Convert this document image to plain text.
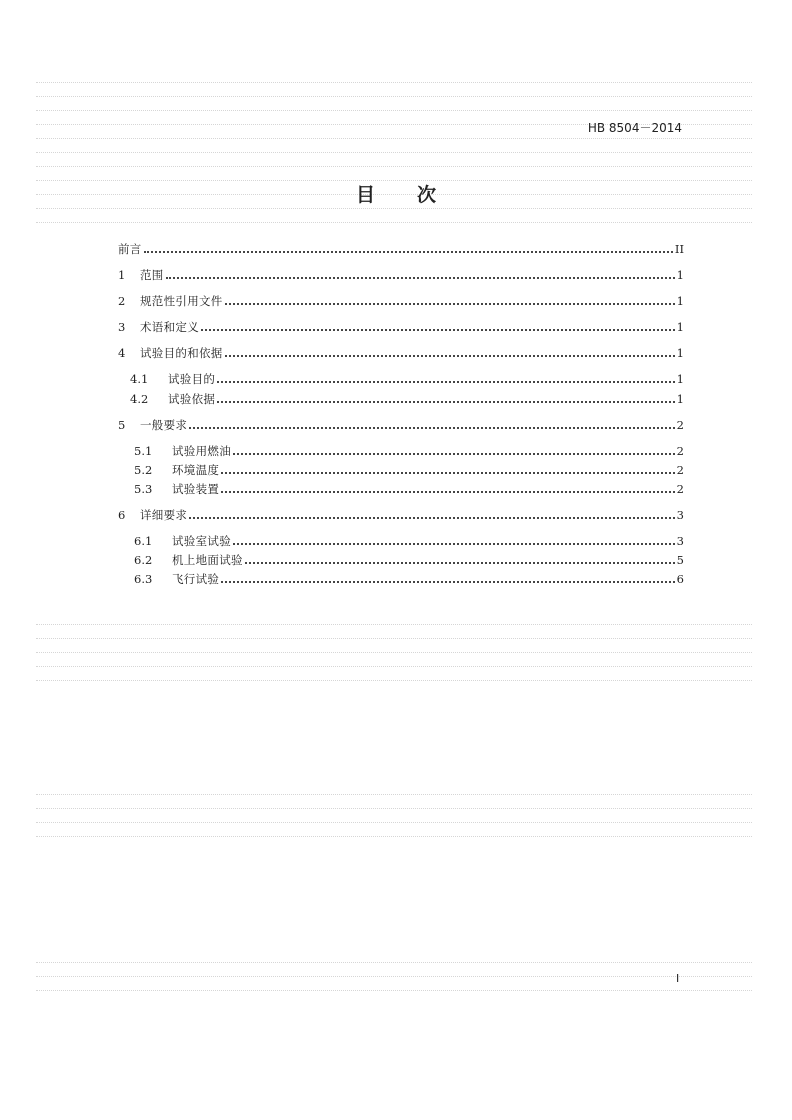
HB 8504－2014
目 次
前言	II
1	范围	1
2	规范性引用文件	1
3	术语和定义	1
4	试验目的和依据	1
4.1	试验目的	1
4.2	试验依据	1
5	一般要求	2
5.1	试验用燃油	2
5.2	环境温度	2
5.3	试验装置	2
6	详细要求	3
6.1	试验室试验	3
6.2	机上地面试验	5
6.3	飞行试验	6
I
